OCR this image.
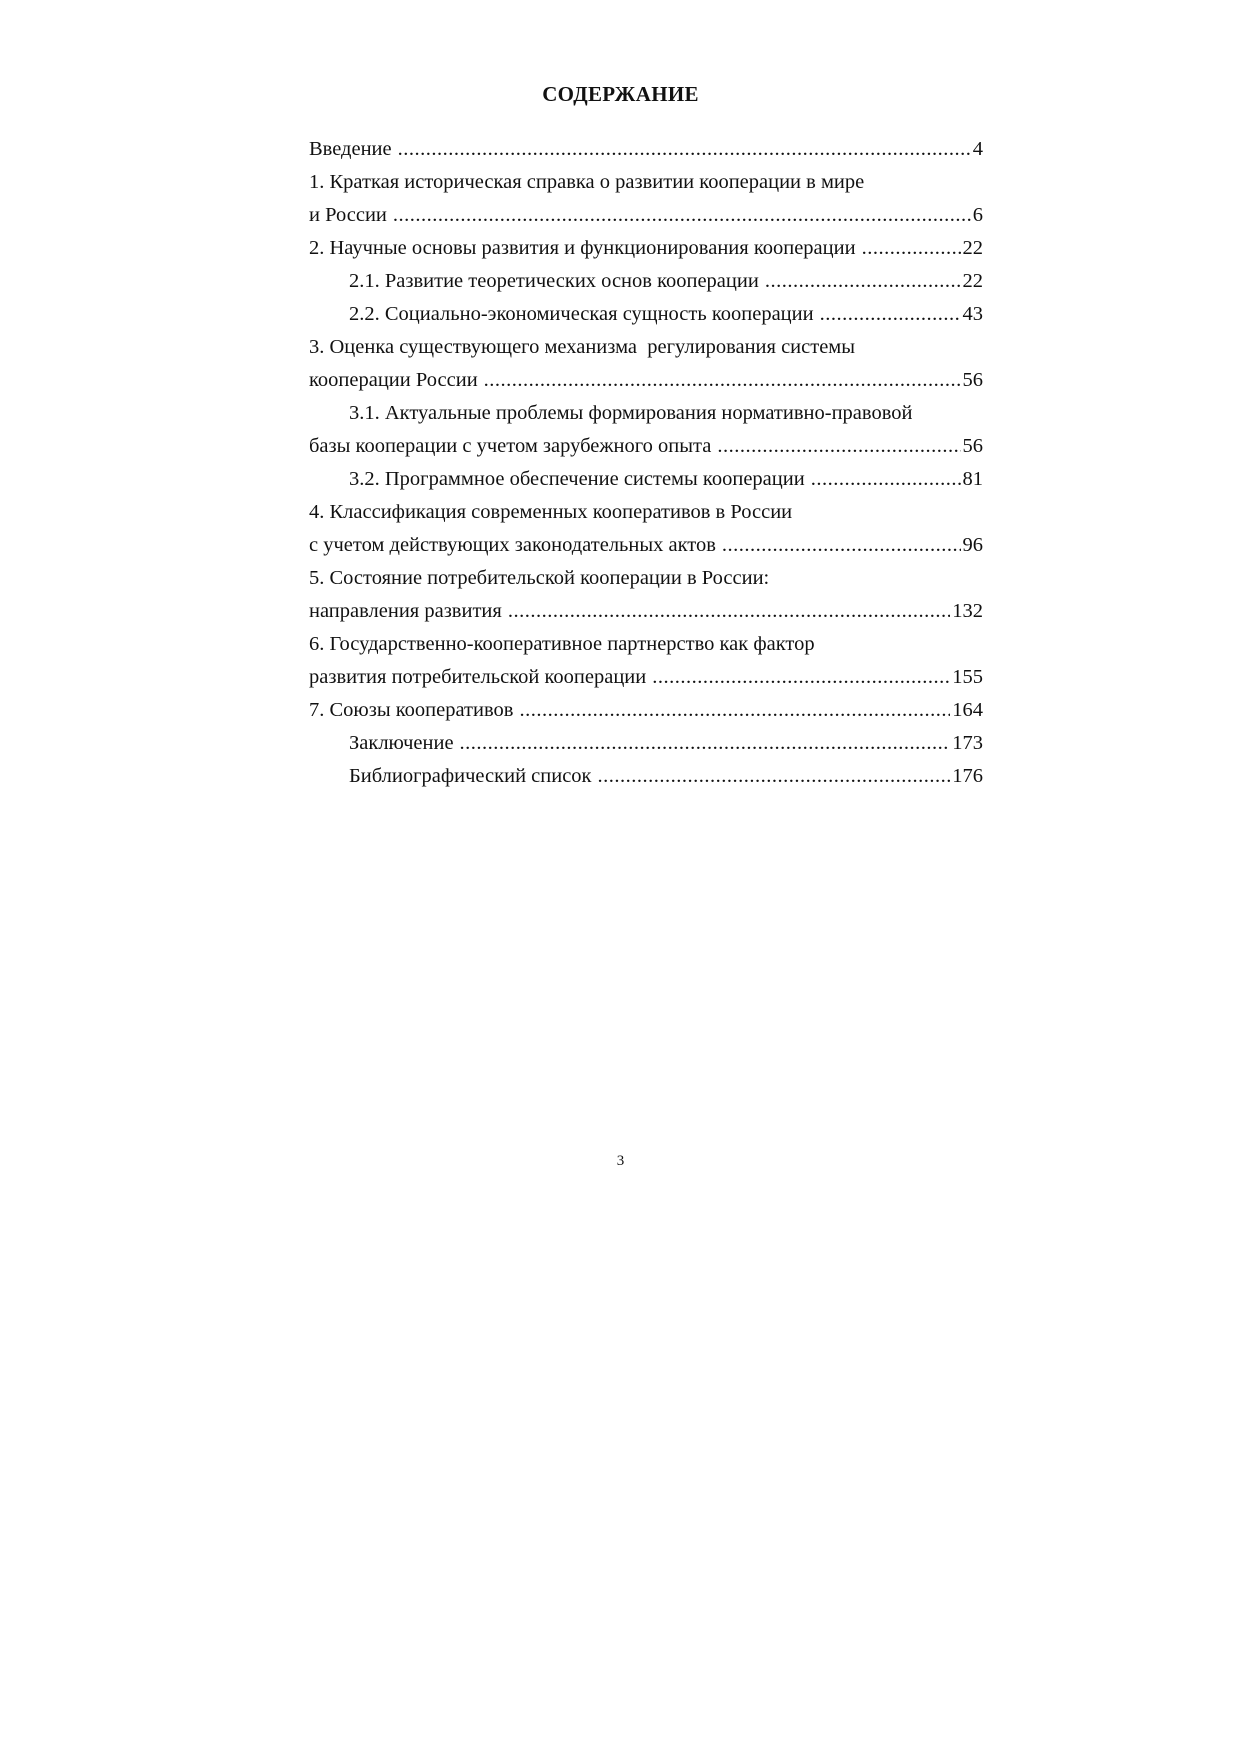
СОДЕРЖАНИЕ
Введение .....	4
1. Краткая историческая справка о развитии кооперации в мире
и России .....	6
2. Научные основы развития и функционирования кооперации .....	22
2.1. Развитие теоретических основ кооперации .....	22
2.2. Социально-экономическая сущность кооперации .....	43
3. Оценка существующего механизма  регулирования системы
кооперации России .....	56
3.1. Актуальные проблемы формирования нормативно-правовой
базы кооперации с учетом зарубежного опыта .....	56
3.2. Программное обеспечение системы кооперации .....	81
4. Классификация современных кооперативов в России
с учетом действующих законодательных актов .....	96
5. Состояние потребительской кооперации в России:
направления развития .....	132
6. Государственно-кооперативное партнерство как фактор
развития потребительской кооперации .....	155
7. Союзы кооперативов .....	164
Заключение .....	173
Библиографический список .....	176
3
